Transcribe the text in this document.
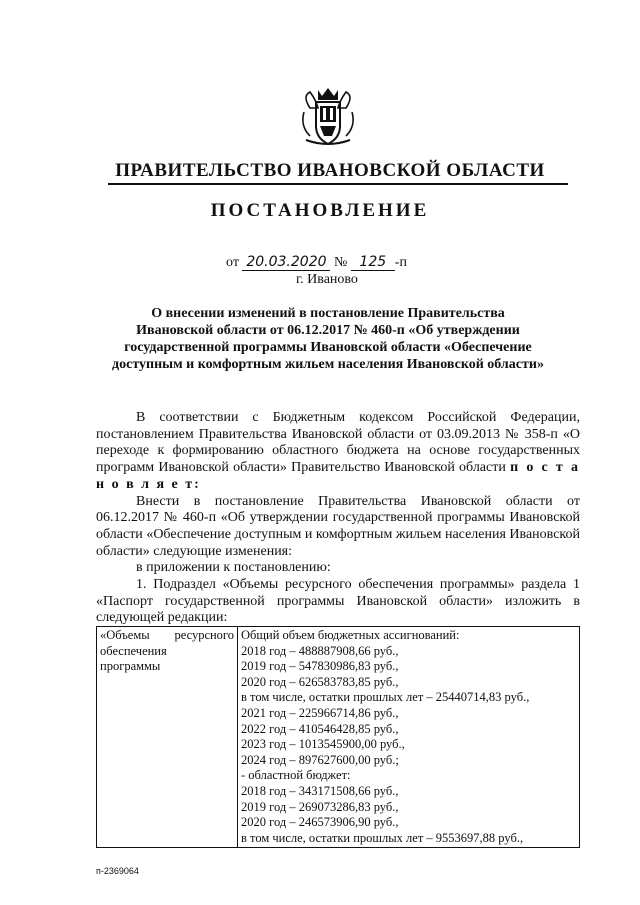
ПРАВИТЕЛЬСТВО ИВАНОВСКОЙ ОБЛАСТИ
ПОСТАНОВЛЕНИЕ
от 20.03.2020 № 125 -п
г. Иваново
О внесении изменений в постановление Правительства
Ивановской области от 06.12.2017 № 460-п «Об утверждении
государственной программы Ивановской области «Обеспечение
доступным и комфортным жильем населения Ивановской области»

В соответствии с Бюджетным кодексом Российской Федерации, постановлением Правительства Ивановской области от 03.09.2013 № 358-п «О переходе к формированию областного бюджета на основе государственных программ Ивановской области» Правительство Ивановской области п о с т а н о в л я е т:

Внести в постановление Правительства Ивановской области от 06.12.2017 № 460-п «Об утверждении государственной программы Ивановской области «Обеспечение доступным и комфортным жильем населения Ивановской области» следующие изменения:

в приложении к постановлению:

1. Подраздел «Объемы ресурсного обеспечения программы» раздела 1 «Паспорт государственной программы Ивановской области» изложить в следующей редакции:

«Объемы ресурсного
обеспечения
программы

Общий объем бюджетных ассигнований:
2018 год – 488887908,66 руб.,
2019 год – 547830986,83 руб.,
2020 год – 626583783,85 руб.,
в том числе, остатки прошлых лет – 25440714,83 руб.,
2021 год – 225966714,86 руб.,
2022 год – 410546428,85 руб.,
2023 год – 1013545900,00 руб.,
2024 год – 897627600,00 руб.;
- областной бюджет:
2018 год – 343171508,66 руб.,
2019 год – 269073286,83 руб.,
2020 год – 246573906,90 руб.,
в том числе, остатки прошлых лет – 9553697,88 руб.,
п-2369064
